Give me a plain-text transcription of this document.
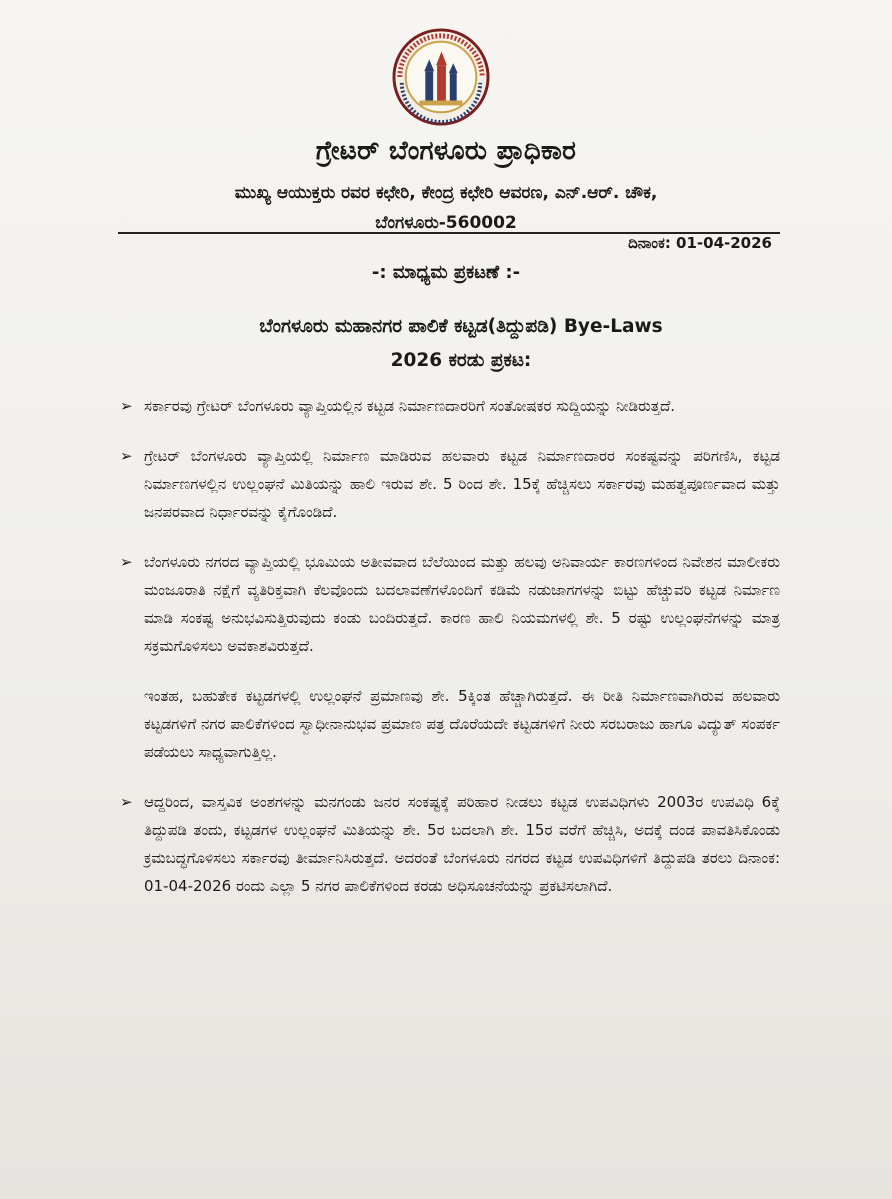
ಗ್ರೇಟರ್ ಬೆಂಗಳೂರು ಪ್ರಾಧಿಕಾರ
ಮುಖ್ಯ ಆಯುಕ್ತರು ರವರ ಕಛೇರಿ, ಕೇಂದ್ರ ಕಛೇರಿ ಆವರಣ, ಎನ್.ಆರ್. ಚೌಕ,
ಬೆಂಗಳೂರು-560002
ದಿನಾಂಕ: 01-04-2026
-: ಮಾಧ್ಯಮ ಪ್ರಕಟಣೆ :-
ಬೆಂಗಳೂರು ಮಹಾನಗರ ಪಾಲಿಕೆ ಕಟ್ಟಡ(ತಿದ್ದುಪಡಿ) Bye-Laws
2026 ಕರಡು ಪ್ರಕಟ:
➢ ಸರ್ಕಾರವು ಗ್ರೇಟರ್ ಬೆಂಗಳೂರು ವ್ಯಾಪ್ತಿಯಲ್ಲಿನ ಕಟ್ಟಡ ನಿರ್ಮಾಣದಾರರಿಗೆ ಸಂತೋಷಕರ ಸುದ್ದಿಯನ್ನು ನೀಡಿರುತ್ತದೆ.
➢ ಗ್ರೇಟರ್ ಬೆಂಗಳೂರು ವ್ಯಾಪ್ತಿಯಲ್ಲಿ ನಿರ್ಮಾಣ ಮಾಡಿರುವ ಹಲವಾರು ಕಟ್ಟಡ ನಿರ್ಮಾಣದಾರರ ಸಂಕಷ್ಟವನ್ನು ಪರಿಗಣಿಸಿ, ಕಟ್ಟಡ ನಿರ್ಮಾಣಗಳಲ್ಲಿನ ಉಲ್ಲಂಘನೆ ಮಿತಿಯನ್ನು ಹಾಲಿ ಇರುವ ಶೇ. 5 ರಿಂದ ಶೇ. 15ಕ್ಕೆ ಹೆಚ್ಚಿಸಲು ಸರ್ಕಾರವು ಮಹತ್ವಪೂರ್ಣವಾದ ಮತ್ತು ಜನಪರವಾದ ನಿರ್ಧಾರವನ್ನು ಕೈಗೊಂಡಿದೆ.
➢ ಬೆಂಗಳೂರು ನಗರದ ವ್ಯಾಪ್ತಿಯಲ್ಲಿ ಭೂಮಿಯ ಅತೀವವಾದ ಬೆಲೆಯಿಂದ ಮತ್ತು ಹಲವು ಅನಿವಾರ್ಯ ಕಾರಣಗಳಿಂದ ನಿವೇಶನ ಮಾಲೀಕರು ಮಂಜೂರಾತಿ ನಕ್ಷೆಗೆ ವ್ಯತಿರಿಕ್ತವಾಗಿ ಕೆಲವೊಂದು ಬದಲಾವಣೆಗಳೊಂದಿಗೆ ಕಡಿಮೆ ನಡುಜಾಗಗಳನ್ನು ಬಿಟ್ಟು ಹೆಚ್ಚುವರಿ ಕಟ್ಟಡ ನಿರ್ಮಾಣ ಮಾಡಿ ಸಂಕಷ್ಟ ಅನುಭವಿಸುತ್ತಿರುವುದು ಕಂಡು ಬಂದಿರುತ್ತದೆ. ಕಾರಣ ಹಾಲಿ ನಿಯಮಗಳಲ್ಲಿ ಶೇ. 5 ರಷ್ಟು ಉಲ್ಲಂಘನೆಗಳನ್ನು ಮಾತ್ರ ಸಕ್ರಮಗೊಳಿಸಲು ಅವಕಾಶವಿರುತ್ತದೆ.
ಇಂತಹ, ಬಹುತೇಕ ಕಟ್ಟಡಗಳಲ್ಲಿ ಉಲ್ಲಂಘನೆ ಪ್ರಮಾಣವು ಶೇ. 5ಕ್ಕಿಂತ ಹೆಚ್ಚಾಗಿರುತ್ತದೆ. ಈ ರೀತಿ ನಿರ್ಮಾಣವಾಗಿರುವ ಹಲವಾರು ಕಟ್ಟಡಗಳಿಗೆ ನಗರ ಪಾಲಿಕೆಗಳಿಂದ ಸ್ವಾಧೀನಾನುಭವ ಪ್ರಮಾಣ ಪತ್ರ ದೊರೆಯದೇ ಕಟ್ಟಡಗಳಿಗೆ ನೀರು ಸರಬರಾಜು ಹಾಗೂ ವಿದ್ಯುತ್ ಸಂಪರ್ಕ ಪಡೆಯಲು ಸಾಧ್ಯವಾಗುತ್ತಿಲ್ಲ.
➢ ಆದ್ದರಿಂದ, ವಾಸ್ತವಿಕ ಅಂಶಗಳನ್ನು ಮನಗಂಡು ಜನರ ಸಂಕಷ್ಟಕ್ಕೆ ಪರಿಹಾರ ನೀಡಲು ಕಟ್ಟಡ ಉಪವಿಧಿಗಳು 2003ರ ಉಪವಿಧಿ 6ಕ್ಕೆ ತಿದ್ದುಪಡಿ ತಂದು, ಕಟ್ಟಡಗಳ ಉಲ್ಲಂಘನೆ ಮಿತಿಯನ್ನು ಶೇ. 5ರ ಬದಲಾಗಿ ಶೇ. 15ರ ವರೆಗೆ ಹೆಚ್ಚಿಸಿ, ಅದಕ್ಕೆ ದಂಡ ಪಾವತಿಸಿಕೊಂಡು ಕ್ರಮಬದ್ಧಗೊಳಿಸಲು ಸರ್ಕಾರವು ತೀರ್ಮಾನಿಸಿರುತ್ತದೆ. ಅದರಂತೆ ಬೆಂಗಳೂರು ನಗರದ ಕಟ್ಟಡ ಉಪವಿಧಿಗಳಿಗೆ ತಿದ್ದುಪಡಿ ತರಲು ದಿನಾಂಕ: 01-04-2026 ರಂದು ಎಲ್ಲಾ 5 ನಗರ ಪಾಲಿಕೆಗಳಿಂದ ಕರಡು ಅಧಿಸೂಚನೆಯನ್ನು ಪ್ರಕಟಿಸಲಾಗಿದೆ.
